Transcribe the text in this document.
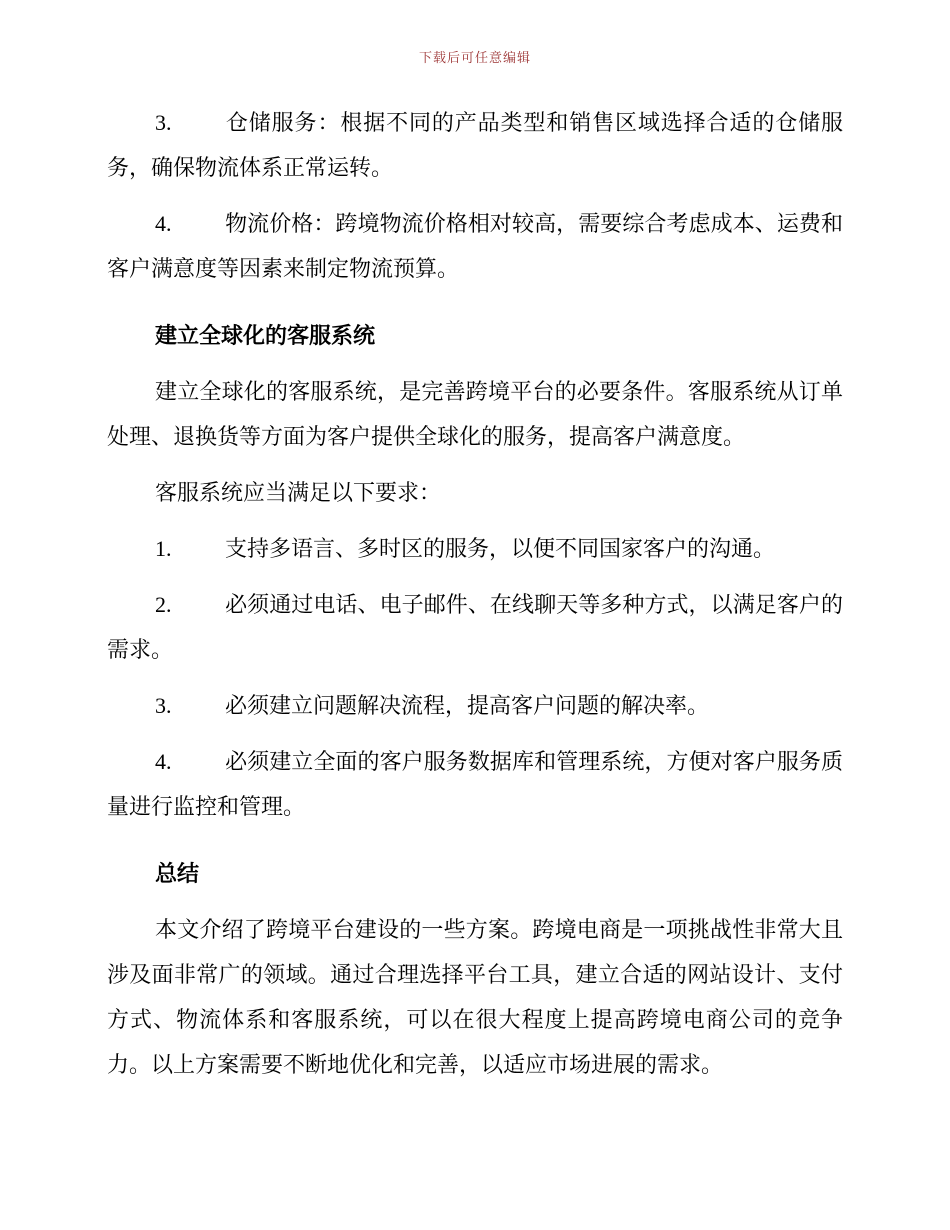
下载后可任意编辑

3. 仓储服务：根据不同的产品类型和销售区域选择合适的仓储服务，确保物流体系正常运转。

4. 物流价格：跨境物流价格相对较高，需要综合考虑成本、运费和客户满意度等因素来制定物流预算。

建立全球化的客服系统

建立全球化的客服系统，是完善跨境平台的必要条件。客服系统从订单处理、退换货等方面为客户提供全球化的服务，提高客户满意度。

客服系统应当满足以下要求：

1. 支持多语言、多时区的服务，以便不同国家客户的沟通。

2. 必须通过电话、电子邮件、在线聊天等多种方式，以满足客户的需求。

3. 必须建立问题解决流程，提高客户问题的解决率。

4. 必须建立全面的客户服务数据库和管理系统，方便对客户服务质量进行监控和管理。

总结

本文介绍了跨境平台建设的一些方案。跨境电商是一项挑战性非常大且涉及面非常广的领域。通过合理选择平台工具，建立合适的网站设计、支付方式、物流体系和客服系统，可以在很大程度上提高跨境电商公司的竞争力。以上方案需要不断地优化和完善，以适应市场进展的需求。
